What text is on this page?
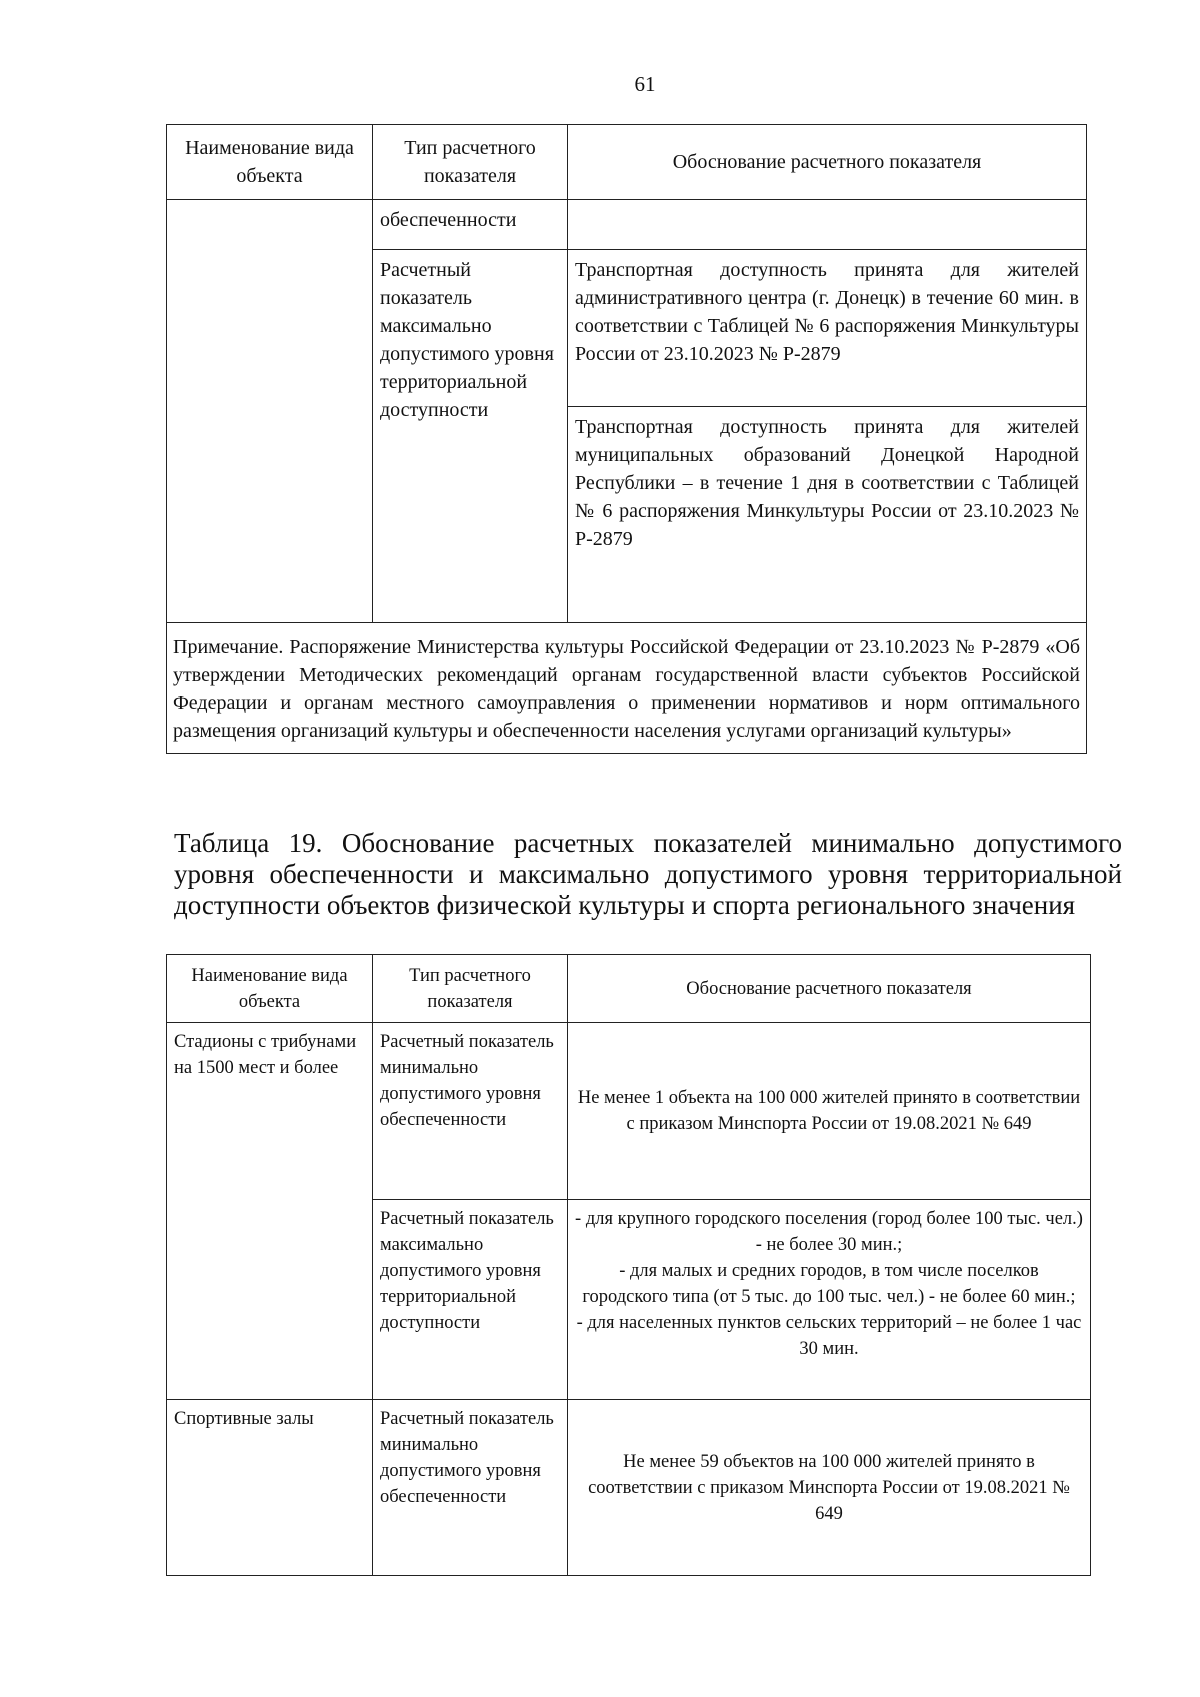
61
Наименование вида объекта	Тип расчетного показателя	Обоснование расчетного показателя
	обеспеченности	
	Расчетный показатель максимально допустимого уровня территориальной доступности	Транспортная доступность принята для жителей административного центра (г. Донецк) в течение 60 мин. в соответствии с Таблицей № 6 распоряжения Минкультуры России от 23.10.2023 № Р-2879
		Транспортная доступность принята для жителей муниципальных образований Донецкой Народной Республики – в течение 1 дня в соответствии с Таблицей № 6 распоряжения Минкультуры России от 23.10.2023 № Р-2879
Примечание. Распоряжение Министерства культуры Российской Федерации от 23.10.2023 № Р-2879 «Об утверждении Методических рекомендаций органам государственной власти субъектов Российской Федерации и органам местного самоуправления о применении нормативов и норм оптимального размещения организаций культуры и обеспеченности населения услугами организаций культуры»		
Таблица 19. Обоснование расчетных показателей минимально допустимого уровня обеспеченности и максимально допустимого уровня территориальной доступности объектов физической культуры и спорта регионального значения
Наименование вида объекта	Тип расчетного показателя	Обоснование расчетного показателя
Стадионы с трибунами на 1500 мест и более	Расчетный показатель минимально допустимого уровня обеспеченности	Не менее 1 объекта на 100 000 жителей принято в соответствии с приказом Минспорта России от 19.08.2021 № 649
	Расчетный показатель максимально допустимого уровня территориальной доступности	- для крупного городского поселения (город более 100 тыс. чел.) - не более 30 мин.;
- для малых и средних городов, в том числе поселков городского типа (от 5 тыс. до 100 тыс. чел.) - не более 60 мин.;
- для населенных пунктов сельских территорий – не более 1 час 30 мин.

Спортивные залы	Расчетный показатель минимально допустимого уровня обеспеченности	Не менее 59 объектов на 100 000 жителей принято в соответствии с приказом Минспорта России от 19.08.2021 № 649
